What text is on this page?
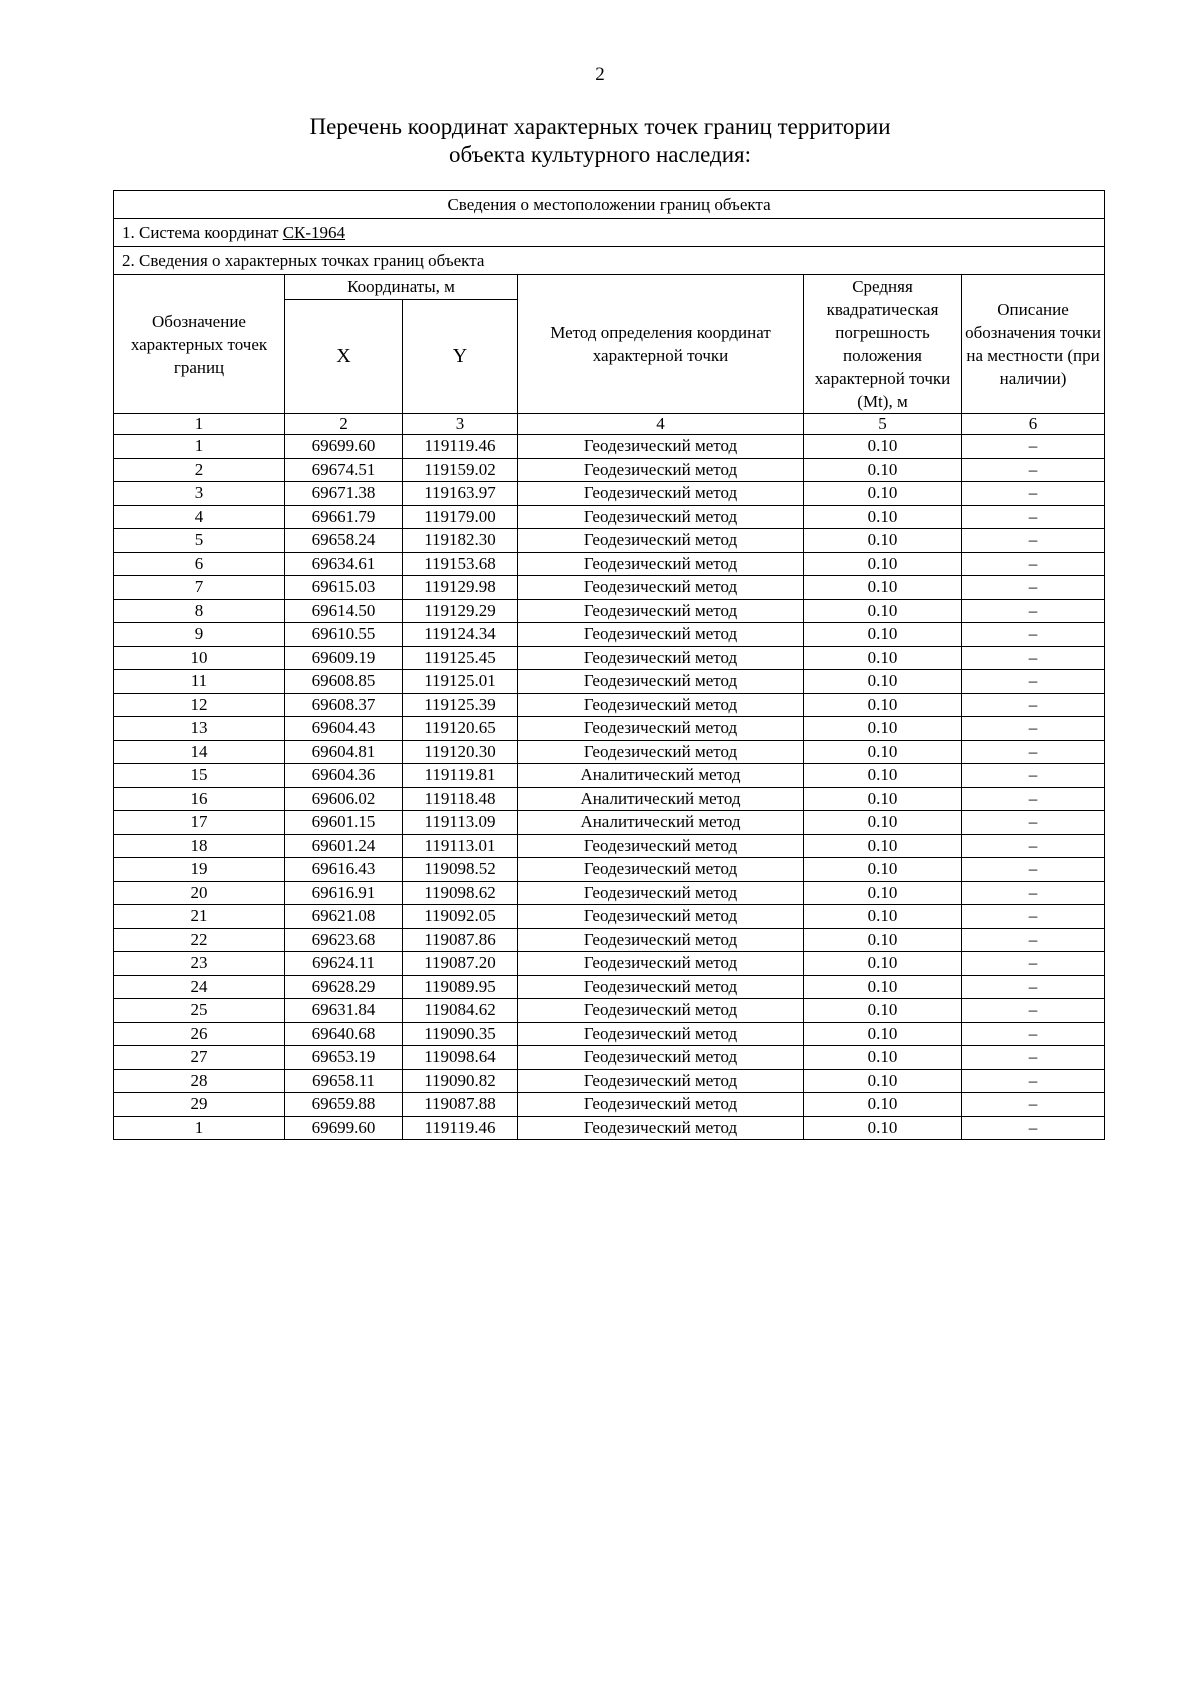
2
Перечень координат характерных точек границ территории
объекта культурного наследия:
Сведения о местоположении границ объекта					
1. Система координат СК-1964					
2. Сведения о характерных точках границ объекта					
Обозначение характерных точек границ	Координаты, м		Метод определения координат характерной точки	Средняя квадратическая погрешность положения характерной точки (Mt), м	Описание обозначения точки на местности (при наличии)
	X	Y			
1	2	3	4	5	6
1	69699.60	119119.46	Геодезический метод	0.10	–
2	69674.51	119159.02	Геодезический метод	0.10	–
3	69671.38	119163.97	Геодезический метод	0.10	–
4	69661.79	119179.00	Геодезический метод	0.10	–
5	69658.24	119182.30	Геодезический метод	0.10	–
6	69634.61	119153.68	Геодезический метод	0.10	–
7	69615.03	119129.98	Геодезический метод	0.10	–
8	69614.50	119129.29	Геодезический метод	0.10	–
9	69610.55	119124.34	Геодезический метод	0.10	–
10	69609.19	119125.45	Геодезический метод	0.10	–
11	69608.85	119125.01	Геодезический метод	0.10	–
12	69608.37	119125.39	Геодезический метод	0.10	–
13	69604.43	119120.65	Геодезический метод	0.10	–
14	69604.81	119120.30	Геодезический метод	0.10	–
15	69604.36	119119.81	Аналитический метод	0.10	–
16	69606.02	119118.48	Аналитический метод	0.10	–
17	69601.15	119113.09	Аналитический метод	0.10	–
18	69601.24	119113.01	Геодезический метод	0.10	–
19	69616.43	119098.52	Геодезический метод	0.10	–
20	69616.91	119098.62	Геодезический метод	0.10	–
21	69621.08	119092.05	Геодезический метод	0.10	–
22	69623.68	119087.86	Геодезический метод	0.10	–
23	69624.11	119087.20	Геодезический метод	0.10	–
24	69628.29	119089.95	Геодезический метод	0.10	–
25	69631.84	119084.62	Геодезический метод	0.10	–
26	69640.68	119090.35	Геодезический метод	0.10	–
27	69653.19	119098.64	Геодезический метод	0.10	–
28	69658.11	119090.82	Геодезический метод	0.10	–
29	69659.88	119087.88	Геодезический метод	0.10	–
1	69699.60	119119.46	Геодезический метод	0.10	–
